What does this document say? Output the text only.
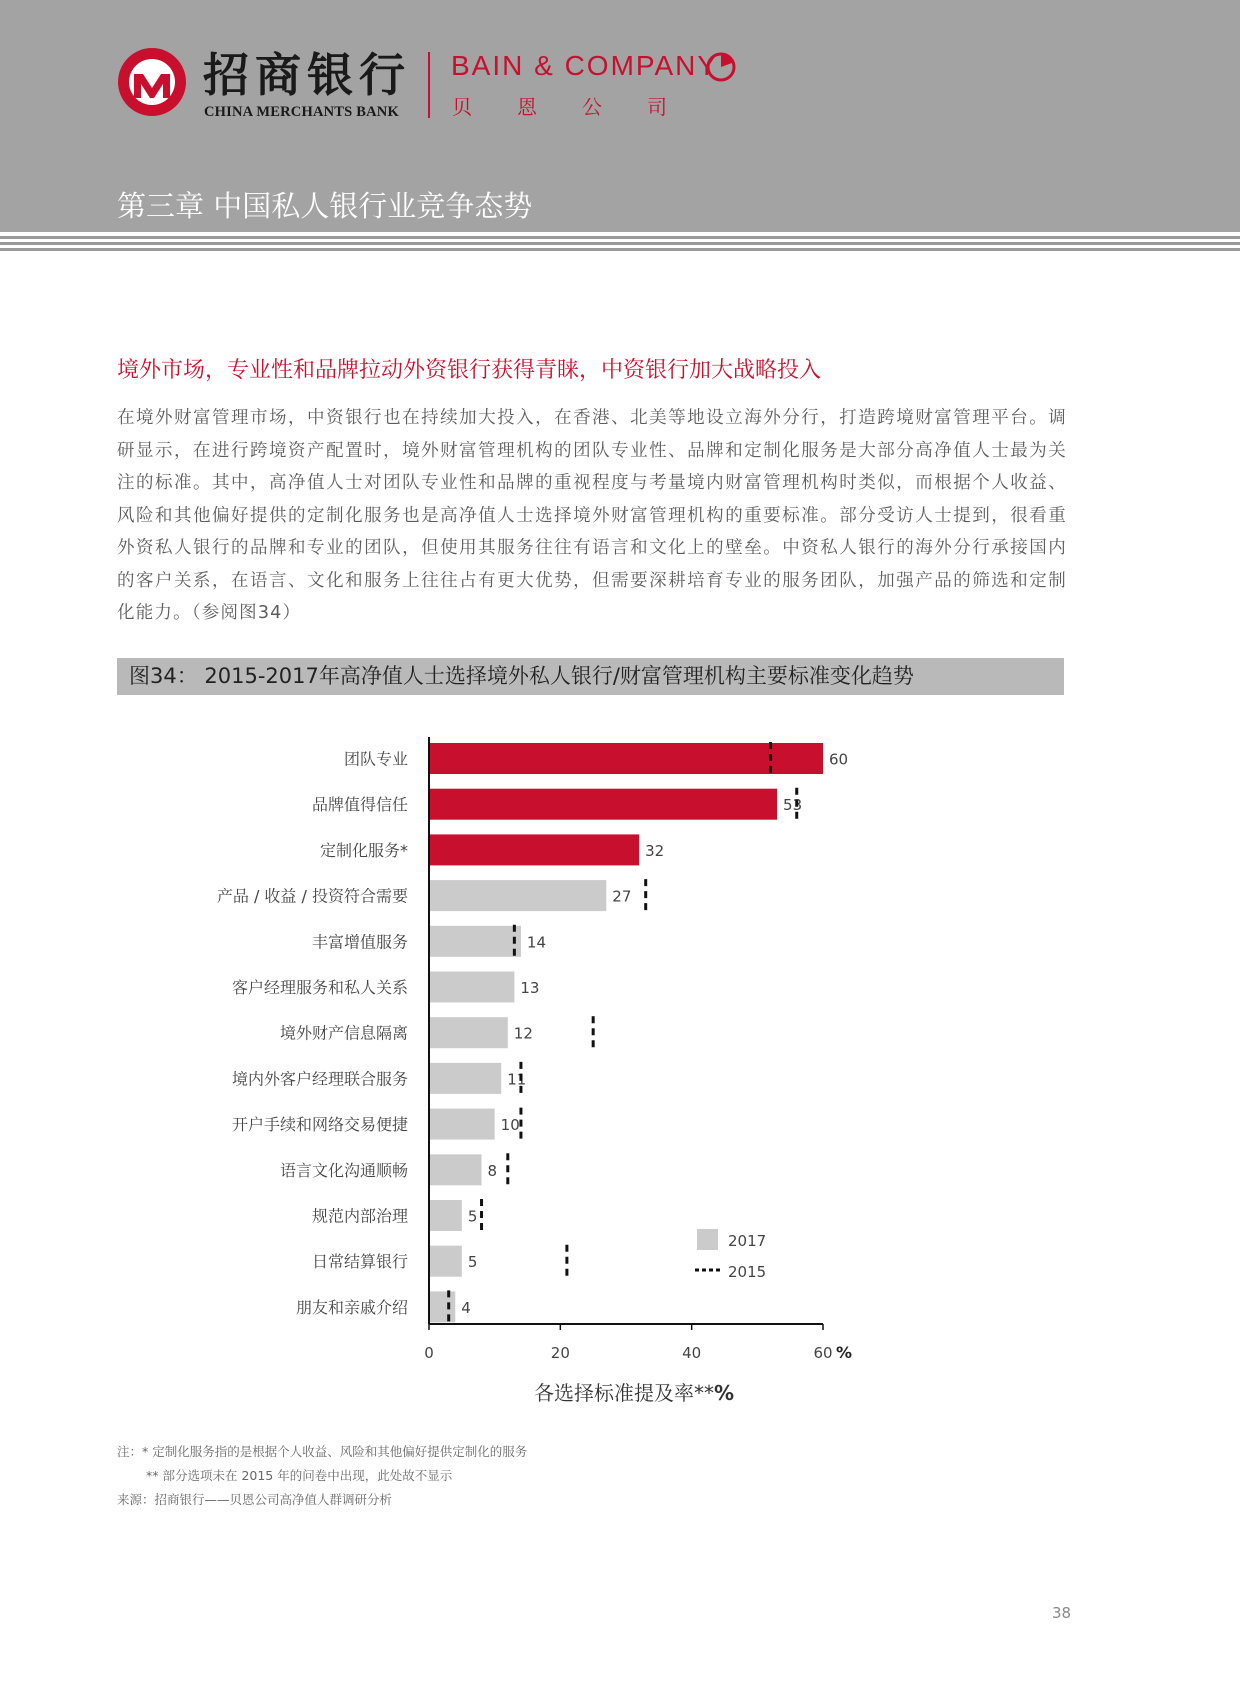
招商银行
CHINA MERCHANTS BANK
BAIN & COMPANY
贝恩公司
第三章 中国私人银行业竞争态势
境外市场，专业性和品牌拉动外资银行获得青睐，中资银行加大战略投入
在境外财富管理市场，中资银行也在持续加大投入，在香港、北美等地设立海外分行，打造跨境财富管理平台。调研显示，在进行跨境资产配置时，境外财富管理机构的团队专业性、品牌和定制化服务是大部分高净值人士最为关注的标准。其中，高净值人士对团队专业性和品牌的重视程度与考量境内财富管理机构时类似，而根据个人收益、风险和其他偏好提供的定制化服务也是高净值人士选择境外财富管理机构的重要标准。部分受访人士提到，很看重外资私人银行的品牌和专业的团队，但使用其服务往往有语言和文化上的壁垒。中资私人银行的海外分行承接国内的客户关系，在语言、文化和服务上往往占有更大优势，但需要深耕培育专业的服务团队，加强产品的筛选和定制化能力。（参阅图34）
图34： 2015-2017年高净值人士选择境外私人银行/财富管理机构主要标准变化趋势
团队专业	60
品牌值得信任	53
定制化服务*	32
产品 / 收益 / 投资符合需要	27
丰富增值服务	14
客户经理服务和私人关系	13
境外财产信息隔离	12
境内外客户经理联合服务	11
开户手续和网络交易便捷	10
语言文化沟通顺畅	8
规范内部治理	5
日常结算银行	5
朋友和亲戚介绍	4
0	20	40	60 %
各选择标准提及率**%
2017
2015
注：* 定制化服务指的是根据个人收益、风险和其他偏好提供定制化的服务
** 部分选项未在 2015 年的问卷中出现，此处故不显示
来源：招商银行——贝恩公司高净值人群调研分析
38
